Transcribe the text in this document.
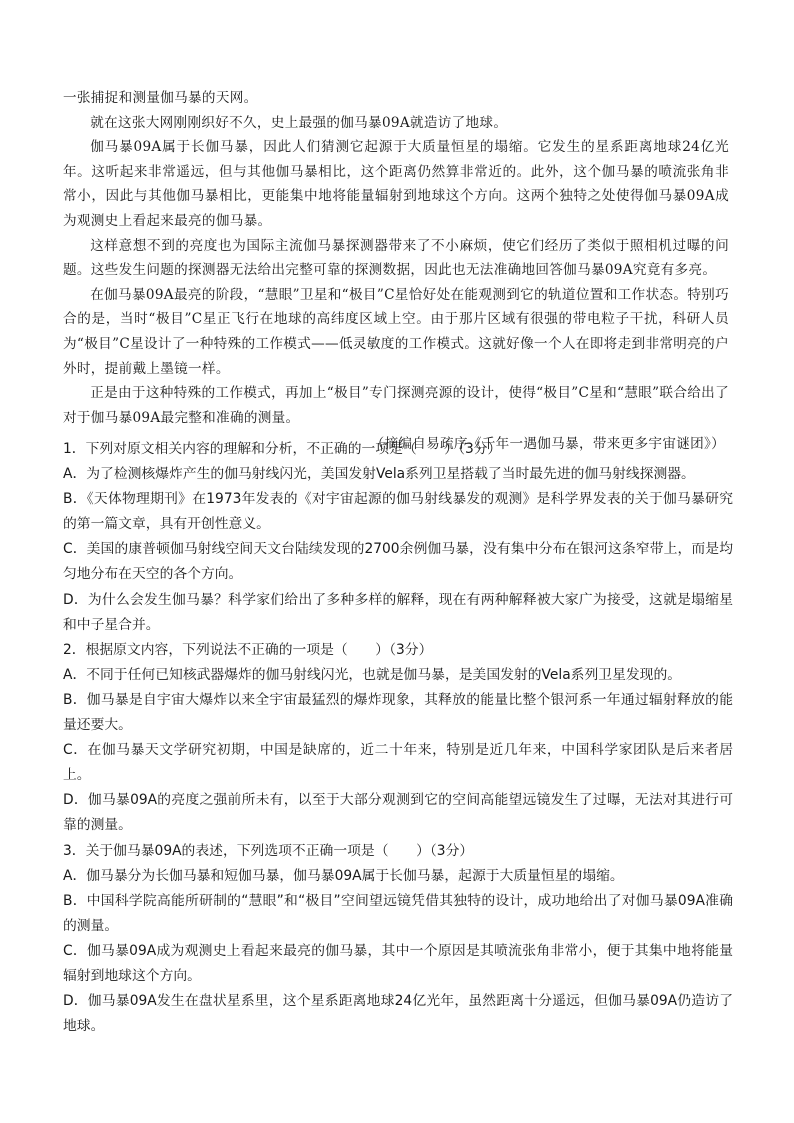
一张捕捉和测量伽马暴的天网。

就在这张大网刚刚织好不久，史上最强的伽马暴09A就造访了地球。

伽马暴09A属于长伽马暴，因此人们猜测它起源于大质量恒星的塌缩。它发生的星系距离地球24亿光年。这听起来非常遥远，但与其他伽马暴相比，这个距离仍然算非常近的。此外，这个伽马暴的喷流张角非常小，因此与其他伽马暴相比，更能集中地将能量辐射到地球这个方向。这两个独特之处使得伽马暴09A成为观测史上看起来最亮的伽马暴。

这样意想不到的亮度也为国际主流伽马暴探测器带来了不小麻烦，使它们经历了类似于照相机过曝的问题。这些发生问题的探测器无法给出完整可靠的探测数据，因此也无法准确地回答伽马暴09A究竟有多亮。

在伽马暴09A最亮的阶段，“慧眼”卫星和“极目”C星恰好处在能观测到它的轨道位置和工作状态。特别巧合的是，当时“极目”C星正飞行在地球的高纬度区域上空。由于那片区域有很强的带电粒子干扰，科研人员为“极目”C星设计了一种特殊的工作模式——低灵敏度的工作模式。这就好像一个人在即将走到非常明亮的户外时，提前戴上墨镜一样。

正是由于这种特殊的工作模式，再加上“极目”专门探测亮源的设计，使得“极目”C星和“慧眼”联合给出了对于伽马暴09A最完整和准确的测量。

（摘编自易疏序《千年一遇伽马暴，带来更多宇宙谜团》）

1．下列对原文相关内容的理解和分析，不正确的一项是（　　）（3分）

A．为了检测核爆炸产生的伽马射线闪光，美国发射Vela系列卫星搭载了当时最先进的伽马射线探测器。

B．《天体物理期刊》在1973年发表的《对宇宙起源的伽马射线暴发的观测》是科学界发表的关于伽马暴研究的第一篇文章，具有开创性意义。

C．美国的康普顿伽马射线空间天文台陆续发现的2700余例伽马暴，没有集中分布在银河这条窄带上，而是均匀地分布在天空的各个方向。

D．为什么会发生伽马暴？科学家们给出了多种多样的解释，现在有两种解释被大家广为接受，这就是塌缩星和中子星合并。

2．根据原文内容，下列说法不正确的一项是（　　）（3分）

A．不同于任何已知核武器爆炸的伽马射线闪光，也就是伽马暴，是美国发射的Vela系列卫星发现的。

B．伽马暴是自宇宙大爆炸以来全宇宙最猛烈的爆炸现象，其释放的能量比整个银河系一年通过辐射释放的能量还要大。

C．在伽马暴天文学研究初期，中国是缺席的，近二十年来，特别是近几年来，中国科学家团队是后来者居上。

D．伽马暴09A的亮度之强前所未有，以至于大部分观测到它的空间高能望远镜发生了过曝，无法对其进行可靠的测量。

3．关于伽马暴09A的表述，下列选项不正确一项是（　　）（3分）

A．伽马暴分为长伽马暴和短伽马暴，伽马暴09A属于长伽马暴，起源于大质量恒星的塌缩。

B．中国科学院高能所研制的“慧眼”和“极目”空间望远镜凭借其独特的设计，成功地给出了对伽马暴09A准确的测量。

C．伽马暴09A成为观测史上看起来最亮的伽马暴，其中一个原因是其喷流张角非常小，便于其集中地将能量辐射到地球这个方向。

D．伽马暴09A发生在盘状星系里，这个星系距离地球24亿光年，虽然距离十分遥远，但伽马暴09A仍造访了地球。
